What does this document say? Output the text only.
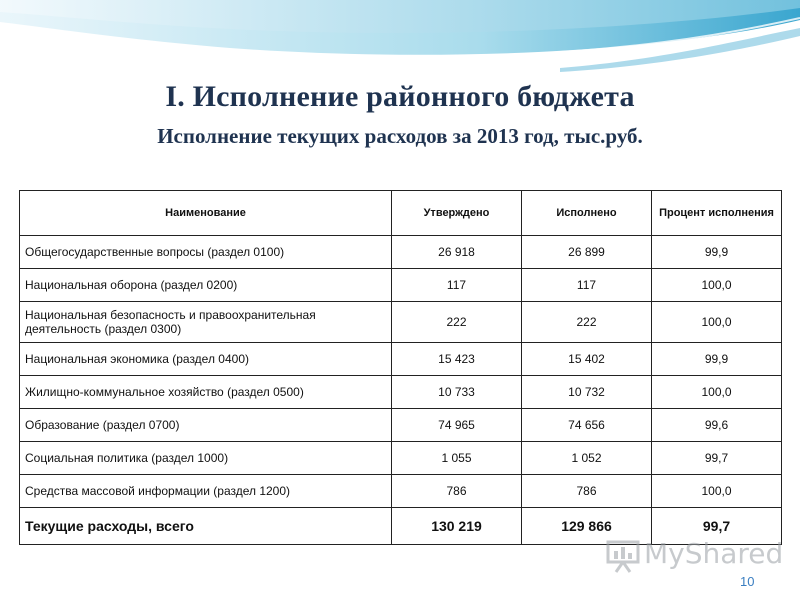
I. Исполнение районного бюджета
Исполнение текущих расходов за 2013 год, тыс.руб.
Наименование	Утверждено	Исполнено	Процент исполнения
Общегосударственные вопросы (раздел 0100)	26 918	26 899	99,9
Национальная оборона (раздел 0200)	117	117	100,0
Национальная безопасность и правоохранительная
деятельность (раздел 0300)	222	222	100,0
Национальная экономика (раздел 0400)	15 423	15 402	99,9
Жилищно-коммунальное хозяйство (раздел 0500)	10 733	10 732	100,0
Образование (раздел 0700)	74 965	74 656	99,6
Социальная политика (раздел 1000)	1 055	1 052	99,7
Средства массовой информации (раздел 1200)	786	786	100,0
Текущие расходы, всего	130 219	129 866	99,7
MyShared
10
